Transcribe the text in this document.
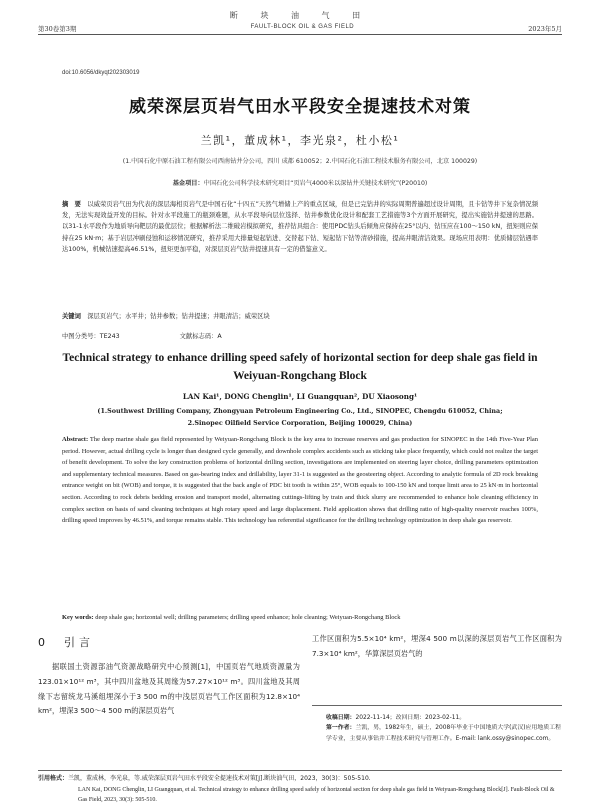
断 块 油 气 田
第30卷第3期	FAULT-BLOCK OIL & GAS FIELD	2023年5月
doi:10.6056/dkyqt202303019
威荣深层页岩气田水平段安全提速技术对策
兰凯¹，董成林¹，李光泉²，杜小松¹
(1.中国石化中原石油工程有限公司西南钻井分公司，四川 成都 610052；2.中国石化石油工程技术服务有限公司，北京 100029)
基金项目：中国石化公司科学技术研究项目“页岩气4000米以深钻井关键技术研究”(P20010)
摘　要　 以威荣页岩气田为代表的深层海相页岩气是中国石化“十四五”天然气增储上产的重点区域，但是已完钻井的实际周期普遍超过设计周期，且卡钻等井下复杂情况频发，无法实现效益开发的目标。针对水平段施工的瓶颈难题，从水平段导向层位选择、钻井参数优化设计和配套工艺措施等3个方面开展研究，提出实施钻井提速的思路。以31-1水平段作为地质导向靶层的最优层位；根据解析法二维破岩模拟研究，推荐钻具组合：使用PDC钻头后倾角应保持在25°以内、钻压应在100～150 kN，扭矩则应保持在25 kN·m；基于岩层冲刷侵蚀和运移情况研究，推荐采用大排量短起钻进、交替起下钻、短起钻下钻等清砂措施，提高井眼清洁效果。现场应用表明：优质储层钻遇率达100%，机械钻速提高46.51%，扭矩更加平稳，对深层页岩气钻井提速具有一定的借鉴意义。
关键词　 深层页岩气；水平井；钻井参数；钻井提速；井眼清洁；威荣区块
中图分类号：TE243	文献标志码：A
Technical strategy to enhance drilling speed safely of horizontal section for deep shale gas field in Weiyuan-Rongchang Block
LAN Kai¹, DONG Chenglin¹, LI Guangquan², DU Xiaosong¹
(1.Southwest Drilling Company, Zhongyuan Petroleum Engineering Co., Ltd., SINOPEC, Chengdu 610052, China;
2.Sinopec Oilfield Service Corporation, Beijing 100029, China)
Abstract: The deep marine shale gas field represented by Weiyuan-Rongchang Block is the key area to increase reserves and gas production for SINOPEC in the 14th Five-Year Plan period. However, actual drilling cycle is longer than designed cycle generally, and downhole complex accidents such as sticking take place frequently, which could not realize the target of benefit development. To solve the key construction problems of horizontal drilling section, investigations are implemented on steering layer choice, drilling parameters optimization and supplementary technical measures. Based on gas-bearing index and drillability, layer 31-1 is suggested as the geosteering object. According to analytic formula of 2D rock breaking entrance weight on bit (WOB) and torque, it is suggested that the back angle of PDC bit tooth is within 25°, WOB equals to 100-150 kN and torque limit area to 25 kN·m in horizontal section. According to rock debris bedding erosion and transport model, alternating cuttings-lifting by train and thick slurry are recommended to enhance hole cleaning efficiency in complex section on basis of sand cleaning techniques at high rotary speed and large displacement. Field application shows that drilling ratio of high-quality reservoir reaches 100%, drilling speed improves by 46.51%, and torque remains stable. This technology has referential significance for the drilling technology optimization in deep shale gas reservoir.
Key words: deep shale gas; horizontal well; drilling parameters; drilling speed enhance; hole cleaning; Weiyuan-Rongchang Block
0　引言
据联国土资源部油气资源战略研究中心预测[1]，中国页岩气地质资源量为123.01×10¹² m³，其中四川盆地及其周缘为57.27×10¹² m³。四川盆地及其周缘下志留统龙马溪组埋深小于3 500 m的中浅层页岩气工作区面积为12.8×10⁴ km²，埋深3 500～4 500 m的深层页岩气
工作区面积为5.5×10⁴ km²，埋深4 500 m以深的深层页岩气工作区面积为7.3×10⁴ km²，华算深层页岩气的
收稿日期：2022-11-14；改回日期：2023-02-11。
第一作者：兰凯，男，1982年生，硕士，2008年毕业于中国地质大学(武汉)应用地质工程学专业，主要从事钻井工程技术研究与管理工作。E-mail: lank.ossy@sinopec.com。
引用格式：兰凯，董成林，李光泉，等.威荣深层页岩气田水平段安全提速技术对策[J].断块油气田，2023，30(3)：505-510.
LAN Kai, DONG Chenglin, LI Guangquan, et al. Technical strategy to enhance drilling speed safely of horizontal section for deep shale gas field in Weiyuan-Rongchang Block[J]. Fault-Block Oil & Gas Field, 2023, 30(3): 505-510.
